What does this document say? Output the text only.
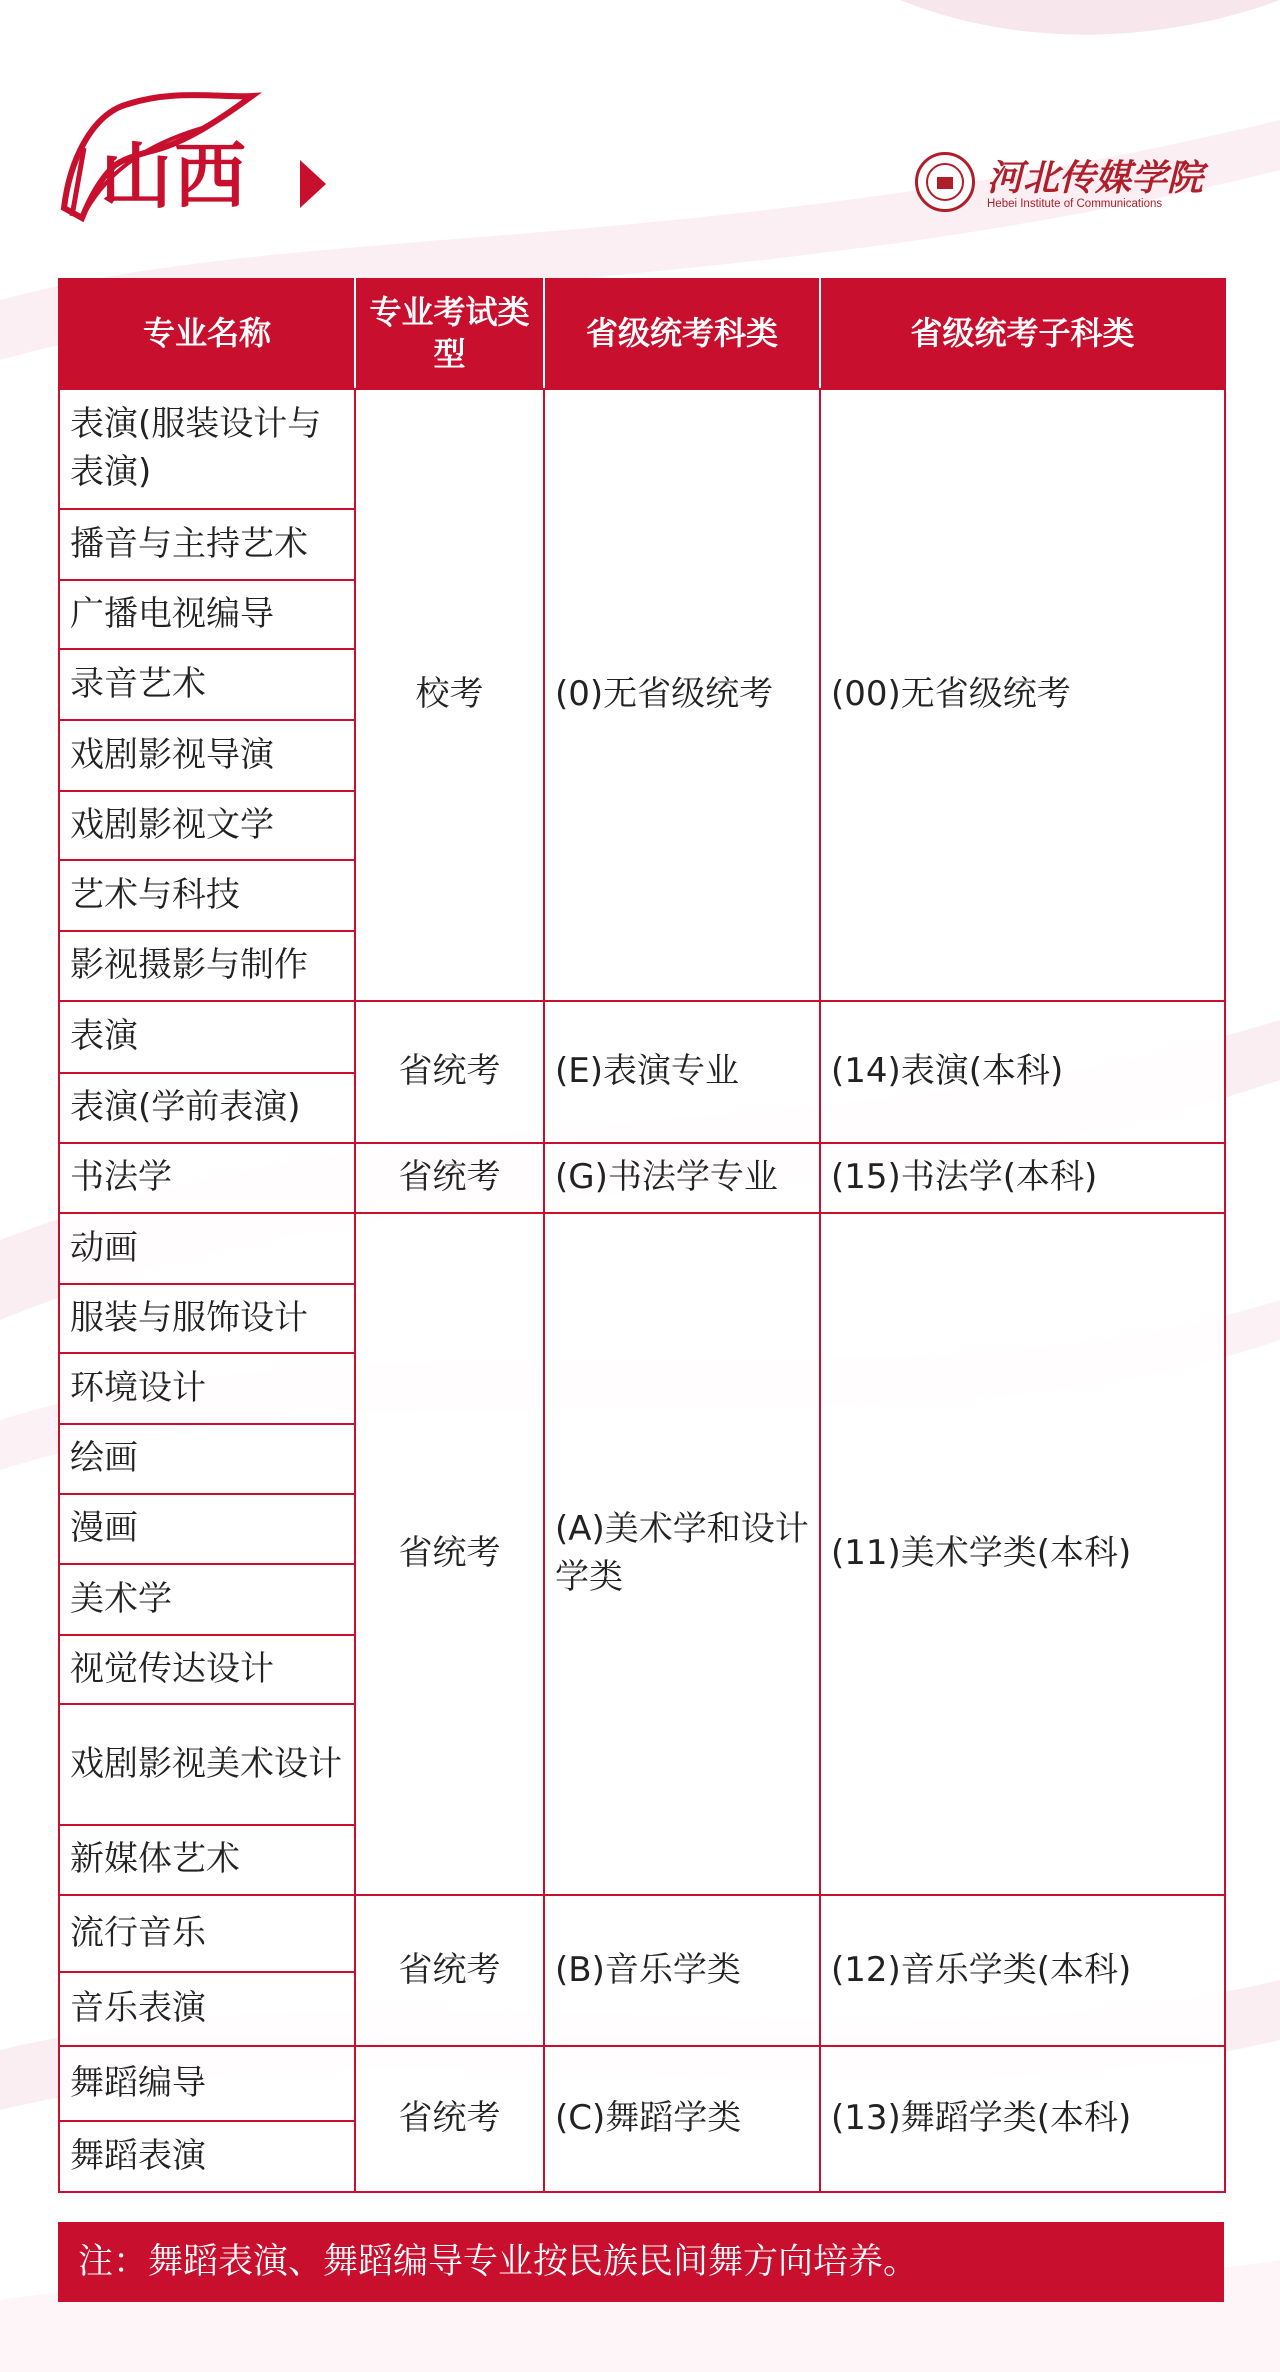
山西	河北传媒学院
Hebei Institute of Communications
专业名称	专业考试类型	省级统考科类	省级统考子科类
表演(服装设计与表演)	校考	(0)无省级统考	(00)无省级统考
播音与主持艺术			
广播电视编导			
录音艺术			
戏剧影视导演			
戏剧影视文学			
艺术与科技			
影视摄影与制作			
表演	省统考	(E)表演专业	(14)表演(本科)
表演(学前表演)			
书法学	省统考	(G)书法学专业	(15)书法学(本科)
动画	省统考	(A)美术学和设计学类	(11)美术学类(本科)
服装与服饰设计			
环境设计			
绘画			
漫画			
美术学			
视觉传达设计			
戏剧影视美术设计			
新媒体艺术			
流行音乐	省统考	(B)音乐学类	(12)音乐学类(本科)
音乐表演			
舞蹈编导	省统考	(C)舞蹈学类	(13)舞蹈学类(本科)
舞蹈表演			
注：舞蹈表演、舞蹈编导专业按民族民间舞方向培养。
